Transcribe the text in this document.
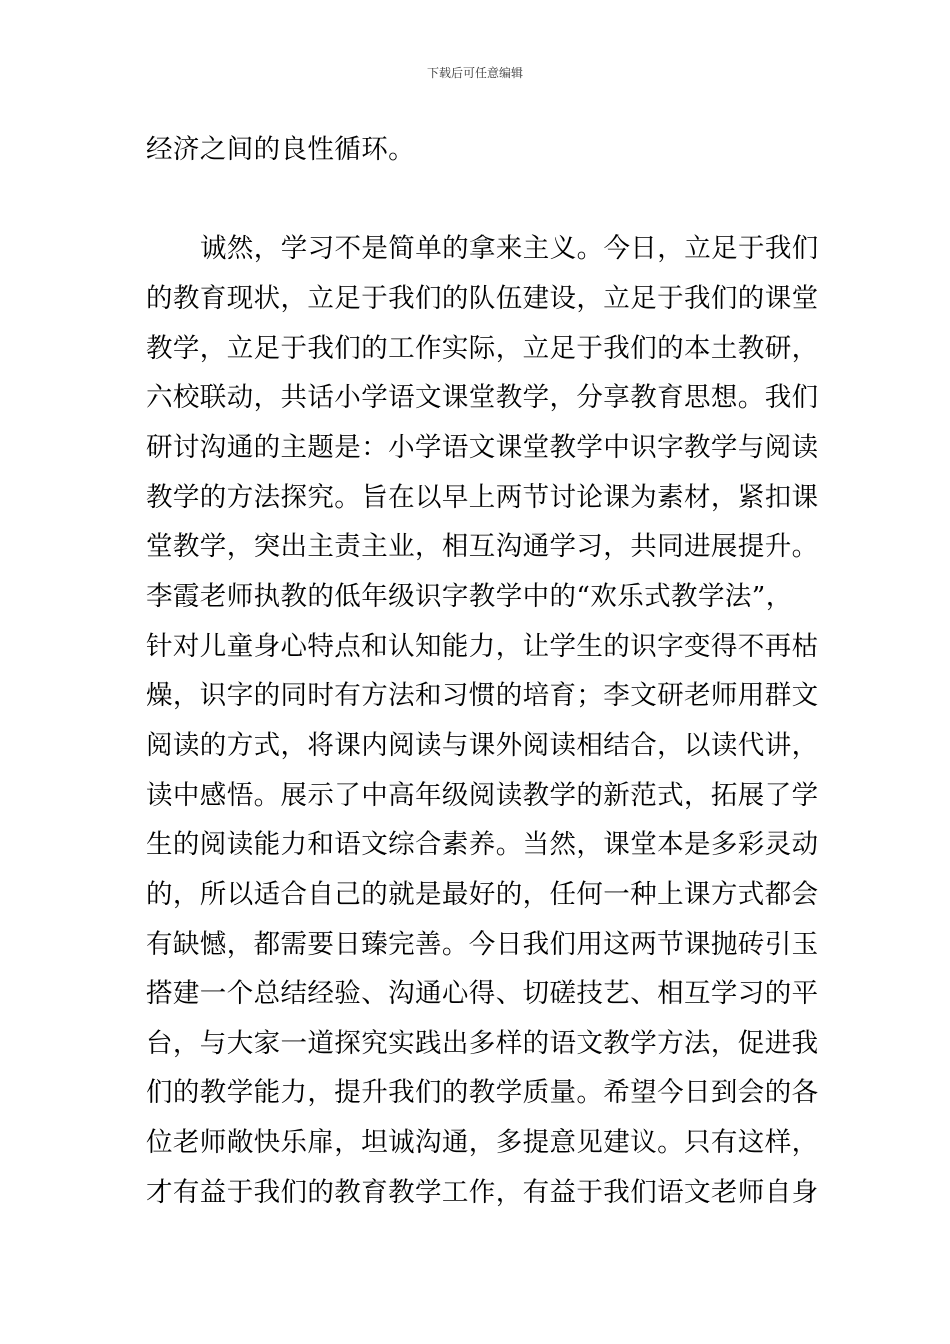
下载后可任意编辑
经济之间的良性循环。
诚然，学习不是简单的拿来主义。今日，立足于我们
的教育现状，立足于我们的队伍建设，立足于我们的课堂
教学，立足于我们的工作实际，立足于我们的本土教研，
六校联动，共话小学语文课堂教学，分享教育思想。我们
研讨沟通的主题是：小学语文课堂教学中识字教学与阅读
教学的方法探究。旨在以早上两节讨论课为素材，紧扣课
堂教学，突出主责主业，相互沟通学习，共同进展提升。
李霞老师执教的低年级识字教学中的“欢乐式教学法”，
针对儿童身心特点和认知能力，让学生的识字变得不再枯
燥，识字的同时有方法和习惯的培育；李文研老师用群文
阅读的方式，将课内阅读与课外阅读相结合，以读代讲，
读中感悟。展示了中高年级阅读教学的新范式，拓展了学
生的阅读能力和语文综合素养。当然，课堂本是多彩灵动
的，所以适合自己的就是最好的，任何一种上课方式都会
有缺憾，都需要日臻完善。今日我们用这两节课抛砖引玉
搭建一个总结经验、沟通心得、切磋技艺、相互学习的平
台，与大家一道探究实践出多样的语文教学方法，促进我
们的教学能力，提升我们的教学质量。希望今日到会的各
位老师敞快乐扉，坦诚沟通，多提意见建议。只有这样，
才有益于我们的教育教学工作，有益于我们语文老师自身
